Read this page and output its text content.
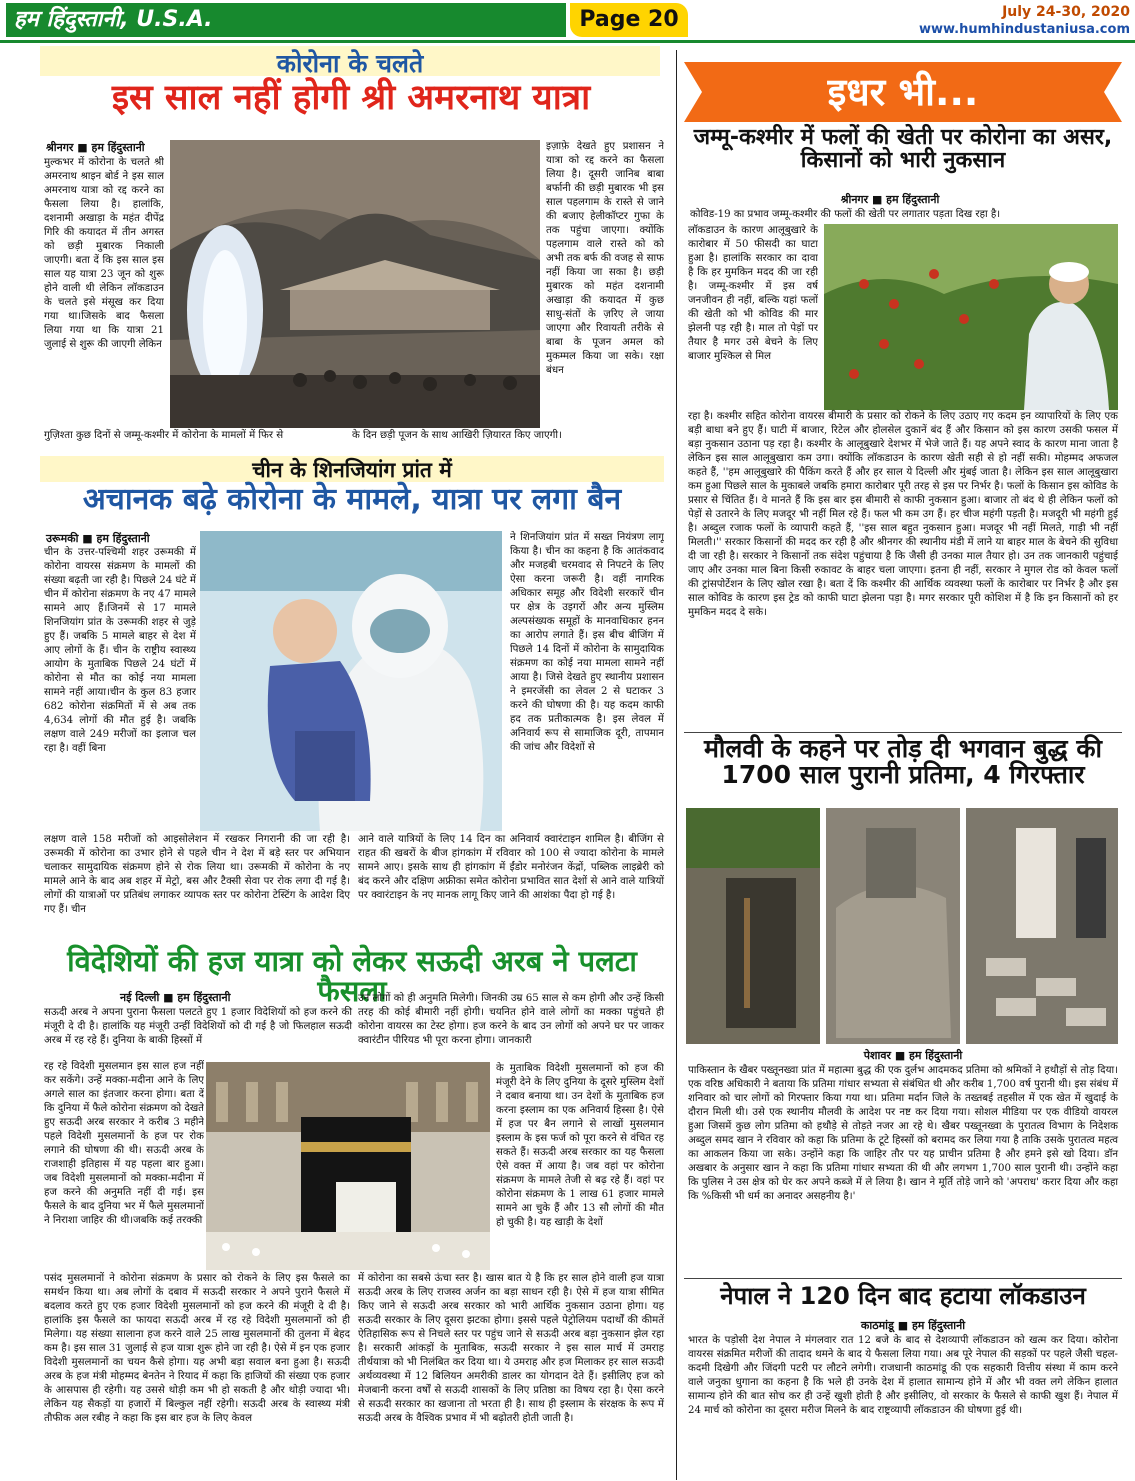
हम हिंदुस्तानी, U.S.A.	Page 20	July 24-30, 2020
www.humhindustaniusa.com
कोरोना के चलते
इस साल नहीं होगी श्री अमरनाथ यात्रा
श्रीनगर ■ हम हिंदुस्तानी

मुल्कभर में कोरोना के चलते श्री अमरनाथ श्राइन बोर्ड ने इस साल अमरनाथ यात्रा को रद्द करने का फैसला लिया है। हालांकि, दशनामी अखाड़ा के महंत दीपेंद्र गिरि की कयादत में तीन अगस्त को छड़ी मुबारक निकाली जाएगी। बता दें कि इस साल इस साल यह यात्रा 23 जून को शुरू होने वाली थी लेकिन लॉकडाउन के चलते इसे मंसूख कर दिया गया था।जिसके बाद फैसला लिया गया था कि यात्रा 21 जुलाई से शुरू की जाएगी लेकिन

इज़ाफ़े देखते हुए प्रशासन ने यात्रा को रद्द करने का फैसला लिया है। दूसरी जानिब बाबा बर्फानी की छड़ी मुबारक भी इस साल पहलगाम के रास्ते से जाने की बजाए हेलीकॉप्टर गुफा के तक पहुंचा जाएगा। क्योंकि पहलगाम वाले रास्ते को को अभी तक बर्फ की वजह से साफ नहीं किया जा सका है। छड़ी मुबारक को महंत दशनामी अखाड़ा की कयादत में कुछ साधु-संतों के ज़रिए ले जाया जाएगा और रिवायती तरीके से बाबा के पूजन अमल को मुकम्मल किया जा सके। रक्षा बंधन

गुज़िश्ता कुछ दिनों से जम्मू-कश्मीर में कोरोना के मामलों में फिर से	के दिन छड़ी पूजन के साथ आखिरी ज़ियारत किए जाएगी।

चीन के शिनजियांग प्रांत में
अचानक बढ़े कोरोना के मामले, यात्रा पर लगा बैन
उरूमकी ■ हम हिंदुस्तानी

चीन के उत्तर-पश्चिमी शहर उरूमकी में कोरोना वायरस संक्रमण के मामलों की संख्या बढ़ती जा रही है। पिछले 24 घंटे में चीन में कोरोना संक्रमण के नए 47 मामले सामने आए हैं।जिनमें से 17 मामले शिनजियांग प्रांत के उरूमकी शहर से जुड़े हुए हैं। जबकि 5 मामले बाहर से देश में आए लोगों के हैं। चीन के राष्ट्रीय स्वास्थ्य आयोग के मुताबिक पिछले 24 घंटों में कोरोना से मौत का कोई नया मामला सामने नहीं आया।चीन के कुल 83 हजार 682 कोरोना संक्रमितों में से अब तक 4,634 लोगों की मौत हुई है। जबकि लक्षण वाले 249 मरीजों का इलाज चल रहा है। वहीं बिना

ने शिनजियांग प्रांत में सख्त नियंत्रण लागू किया है। चीन का कहना है कि आतंकवाद और मजहबी चरमवाद से निपटने के लिए ऐसा करना जरूरी है। वहीं नागरिक अधिकार समूह और विदेशी सरकारें चीन पर क्षेत्र के उइगरों और अन्य मुस्लिम अल्पसंख्यक समूहों के मानवाधिकार हनन का आरोप लगाते हैं। इस बीच बीजिंग में पिछले 14 दिनों में कोरोना के सामुदायिक संक्रमण का कोई नया मामला सामने नहीं आया है। जिसे देखते हुए स्थानीय प्रशासन ने इमरजेंसी का लेवल 2 से घटाकर 3 करने की घोषणा की है। यह कदम काफी हद तक प्रतीकात्मक है। इस लेवल में अनिवार्य रूप से सामाजिक दूरी, तापमान की जांच और विदेशों से

लक्षण वाले 158 मरीजों को आइसोलेशन में रखकर निगरानी की जा रही है। उरूमकी में कोरोना का उभार होने से पहले चीन ने देश में बड़े स्तर पर अभियान चलाकर सामुदायिक संक्रमण होने से रोक लिया था। उरूमकी में कोरोना के नए मामले आने के बाद अब शहर में मेट्रो, बस और टैक्सी सेवा पर रोक लगा दी गई है।लोगों की यात्राओं पर प्रतिबंध लगाकर व्यापक स्तर पर कोरोना टेस्टिंग के आदेश दिए गए हैं। चीन

आने वाले यात्रियों के लिए 14 दिन का अनिवार्य क्वारंटाइन शामिल है। बीजिंग से राहत की खबरों के बीज हांगकांग में रविवार को 100 से ज्यादा कोरोना के मामले सामने आए। इसके साथ ही हांगकांग में ईंडोर मनोरंजन केंद्रों, पब्लिक लाइब्रेरी को बंद करने और दक्षिण अफ्रीका समेत कोरोना प्रभावित सात देशों से आने वाले यात्रियों पर क्वारंटाइन के नए मानक लागू किए जाने की आशंका पैदा हो गई है।

विदेशियों की हज यात्रा को लेकर सऊदी अरब ने पलटा फैसला
नई दिल्ली ■ हम हिंदुस्तानी

सऊदी अरब ने अपना पुराना फैसला पलटते हुए 1 हजार विदेशियों को हज करने की मंजूरी दे दी है। हालांकि यह मंजूरी उन्हीं विदेशियों को दी गई है जो फिलहाल सऊदी अरब में रह रहे हैं। दुनिया के बाकी हिस्सों में

उन लोगों को ही अनुमति मिलेगी। जिनकी उम्र 65 साल से कम होगी और उन्हें किसी तरह की कोई बीमारी नहीं होगी। चयनित होने वाले लोगों का मक्का पहुंचते ही कोरोना वायरस का टेस्ट होगा। हज करने के बाद उन लोगों को अपने घर पर जाकर क्वारंटीन पीरियड भी पूरा करना होगा। जानकारी

रह रहे विदेशी मुसलमान इस साल हज नहीं कर सकेंगे। उन्हें मक्का-मदीना आने के लिए अगले साल का इंतजार करना होगा। बता दें कि दुनिया में फैले कोरोना संक्रमण को देखते हुए सऊदी अरब सरकार ने करीब 3 महीने पहले विदेशी मुसलमानों के हज पर रोक लगाने की घोषणा की थी। सऊदी अरब के राजशाही इतिहास में यह पहला बार हुआ। जब विदेशी मुसलमानों को मक्का-मदीना में हज करने की अनुमति नहीं दी गई। इस फैसले के बाद दुनिया भर में फैले मुसलमानों ने निराशा जाहिर की थी।जबकि कई तरक्की

के मुताबिक विदेशी मुसलमानों को हज की मंजूरी देने के लिए दुनिया के दूसरे मुस्लिम देशों ने दबाव बनाया था। उन देशों के मुताबिक हज करना इस्लाम का एक अनिवार्य हिस्सा है। ऐसे में हज पर बैन लगाने से लाखों मुसलमान इस्लाम के इस फर्ज को पूरा करने से वंचित रह सकते हैं। सऊदी अरब सरकार का यह फैसला ऐसे वक्त में आया है। जब वहां पर कोरोना संक्रमण के मामले तेजी से बढ़ रहे हैं। वहां पर कोरोना संक्रमण के 1 लाख 61 हजार मामले सामने आ चुके हैं और 13 सौ लोगों की मौत हो चुकी है। यह खाड़ी के देशों

पसंद मुसलमानों ने कोरोना संक्रमण के प्रसार को रोकने के लिए इस फैसले का समर्थन किया था। अब लोगों के दबाव में सऊदी सरकार ने अपने पुराने फैसले में बदलाव करते हुए एक हजार विदेशी मुसलमानों को हज करने की मंजूरी दे दी है। हालांकि इस फैसले का फायदा सऊदी अरब में रह रहे विदेशी मुसलमानों को ही मिलेगा। यह संख्या सालाना हज करने वाले 25 लाख मुसलमानों की तुलना में बेहद कम है। इस साल 31 जुलाई से हज यात्रा शुरू होने जा रही है। ऐसे में इन एक हजार विदेशी मुसलमानों का चयन कैसे होगा। यह अभी बड़ा सवाल बना हुआ है। सऊदी अरब के हज मंत्री मोहम्मद बेनतेन ने रियाद में कहा कि हाजियों की संख्या एक हजार के आसपास ही रहेगी। यह उससे थोड़ी कम भी हो सकती है और थोड़ी ज्यादा भी। लेकिन यह सैकड़ों या हजारों में बिल्कुल नहीं रहेगी। सऊदी अरब के स्वास्थ्य मंत्री तौफीक अल रबीह ने कहा कि इस बार हज के लिए केवल

में कोरोना का सबसे ऊंचा स्तर है। खास बात ये है कि हर साल होने वाली हज यात्रा सऊदी अरब के लिए राजस्व अर्जन का बड़ा साधन रही है। ऐसे में हज यात्रा सीमित किए जाने से सऊदी अरब सरकार को भारी आर्थिक नुकसान उठाना होगा। यह सऊदी सरकार के लिए दूसरा झटका होगा। इससे पहले पेट्रोलियम पदार्थों की कीमतें ऐतिहासिक रूप से निचले स्तर पर पहुंच जाने से सऊदी अरब बड़ा नुकसान झेल रहा है। सरकारी आंकड़ों के मुताबिक, सऊदी सरकार ने इस साल मार्च में उमराह तीर्थयात्रा को भी निलंबित कर दिया था। ये उमराह और हज मिलाकर हर साल सऊदी अर्थव्यवस्था में 12 बिलियन अमरीकी डालर का योगदान देते हैं। इसीलिए हज को मेजबानी करना वर्षों से सऊदी शासकों के लिए प्रतिष्ठा का विषय रहा है। ऐसा करने से सऊदी सरकार का खजाना तो भरता ही है। साथ ही इस्लाम के संरक्षक के रूप में सऊदी अरब के वैश्विक प्रभाव में भी बढ़ोतरी होती जाती है।

इधर भी...
जम्मू-कश्मीर में फलों की खेती पर कोरोना का असर, किसानों को भारी नुकसान
श्रीनगर ■ हम हिंदुस्तानी

कोविड-19 का प्रभाव जम्मू-कश्मीर की फलों की खेती पर लगातार पड़ता दिख रहा है।

लॉकडाउन के कारण आलूबुखारे के कारोबार में 50 फीसदी का घाटा हुआ है। हालांकि सरकार का दावा है कि हर मुमकिन मदद की जा रही है। जम्मू-कश्मीर में इस वर्ष जनजीवन ही नहीं, बल्कि यहां फलों की खेती को भी कोविड की मार झेलनी पड़ रही है। माल तो पेड़ों पर तैयार है मगर उसे बेचने के लिए बाजार मुश्किल से मिल

रहा है। कश्मीर सहित कोरोना वायरस बीमारी के प्रसार को रोकने के लिए उठाए गए कदम इन व्यापारियों के लिए एक बड़ी बाधा बने हुए हैं। घाटी में बाजार, रिटेल और होलसेल दुकानें बंद हैं और किसान को इस कारण उसकी फसल में बड़ा नुकसान उठाना पड़ रहा है। कश्मीर के आलूबुखारे देशभर में भेजे जाते हैं। यह अपने स्वाद के कारण माना जाता है लेकिन इस साल आलूबुखारा कम उगा। क्योंकि लॉकडाउन के कारण खेती सही से हो नहीं सकी। मोहम्मद अफजल कहते हैं, ''हम आलूबुखारे की पैकिंग करते हैं और हर साल ये दिल्ली और मुंबई जाता है। लेकिन इस साल आलूबुखारा कम हुआ पिछले साल के मुकाबले जबकि हमारा कारोबार पूरी तरह से इस पर निर्भर है। फलों के किसान इस कोविड के प्रसार से चिंतित हैं। वे मानते हैं कि इस बार इस बीमारी से काफी नुकसान हुआ। बाजार तो बंद थे ही लेकिन फलों को पेड़ों से उतारने के लिए मजदूर भी नहीं मिल रहे हैं। फल भी कम उग हैं। हर चीज महंगी पड़ती है। मजदूरी भी महंगी हुई है। अब्दुल रजाक फलों के व्यापारी कहते हैं, ''इस साल बहुत नुकसान हुआ। मजदूर भी नहीं मिलते, गाड़ी भी नहीं मिलती।'' सरकार किसानों की मदद कर रही है और श्रीनगर की स्थानीय मंडी में लाने या बाहर माल के बेचने की सुविधा दी जा रही है। सरकार ने किसानों तक संदेश पहुंचाया है कि जैसी ही उनका माल तैयार हो। उन तक जानकारी पहुंचाई जाए और उनका माल बिना किसी रुकावट के बाहर चला जाएगा। इतना ही नहीं, सरकार ने मुगल रोड को केवल फलों की ट्रांसपोर्टेशन के लिए खोल रखा है। बता दें कि कश्मीर की आर्थिक व्यवस्था फलों के कारोबार पर निर्भर है और इस साल कोविड के कारण इस ट्रेड को काफी घाटा झेलना पड़ा है। मगर सरकार पूरी कोशिश में है कि इन किसानों को हर मुमकिन मदद दे सके।

मौलवी के कहने पर तोड़ दी भगवान बुद्ध की 1700 साल पुरानी प्रतिमा, 4 गिरफ्तार
पेशावर ■ हम हिंदुस्तानी

पाकिस्तान के खैबर पख्तूनख्वा प्रांत में महात्मा बुद्ध की एक दुर्लभ आदमकद प्रतिमा को श्रमिकों ने हथौड़ों से तोड़ दिया। एक वरिष्ठ अधिकारी ने बताया कि प्रतिमा गांधार सभ्यता से संबंधित थी और करीब 1,700 वर्ष पुरानी थी। इस संबंध में शनिवार को चार लोगों को गिरफ्तार किया गया था। प्रतिमा मर्दान जिले के तख्तबई तहसील में एक खेत में खुदाई के दौरान मिली थी। उसे एक स्थानीय मौलवी के आदेश पर नष्ट कर दिया गया। सोशल मीडिया पर एक वीडियो वायरल हुआ जिसमें कुछ लोग प्रतिमा को हथौड़े से तोड़ते नजर आ रहे थे। खैबर पख्तूनख्वा के पुरातत्व विभाग के निदेशक अब्दुल समद खान ने रविवार को कहा कि प्रतिमा के टूटे हिस्सों को बरामद कर लिया गया है ताकि उसके पुरातत्व महत्व का आकलन किया जा सके। उन्होंने कहा कि जाहिर तौर पर यह प्राचीन प्रतिमा है और हमने इसे खो दिया। डॉन अखबार के अनुसार खान ने कहा कि प्रतिमा गांधार सभ्यता की थी और लगभग 1,700 साल पुरानी थी। उन्होंने कहा कि पुलिस ने उस क्षेत्र को घेर कर अपने कब्जे में ले लिया है। खान ने मूर्ति तोड़े जाने को 'अपराध' करार दिया और कहा कि %किसी भी धर्म का अनादर असहनीय है।'

नेपाल ने 120 दिन बाद हटाया लॉकडाउन
काठमांडू ■ हम हिंदुस्तानी

भारत के पड़ोसी देश नेपाल ने मंगलवार रात 12 बजे के बाद से देशव्यापी लॉकडाउन को खत्म कर दिया। कोरोना वायरस संक्रमित मरीजों की तादाद थमने के बाद ये फैसला लिया गया। अब पूरे नेपाल की सड़कों पर पहले जैसी चहल-कदमी दिखेगी और जिंदगी पटरी पर लौटने लगेगी। राजधानी काठमांडू की एक सहकारी वित्तीय संस्था में काम करने वाले जनुका धुगाना का कहना है कि भले ही उनके देश में हालात सामान्य होने में और भी वक्त लगे लेकिन हालात सामान्य होने की बात सोच कर ही उन्हें खुशी होती है और इसीलिए, वो सरकार के फैसले से काफी खुश हैं। नेपाल में 24 मार्च को कोरोना का दूसरा मरीज मिलने के बाद राष्ट्रव्यापी लॉकडाउन की घोषणा हुई थी।
